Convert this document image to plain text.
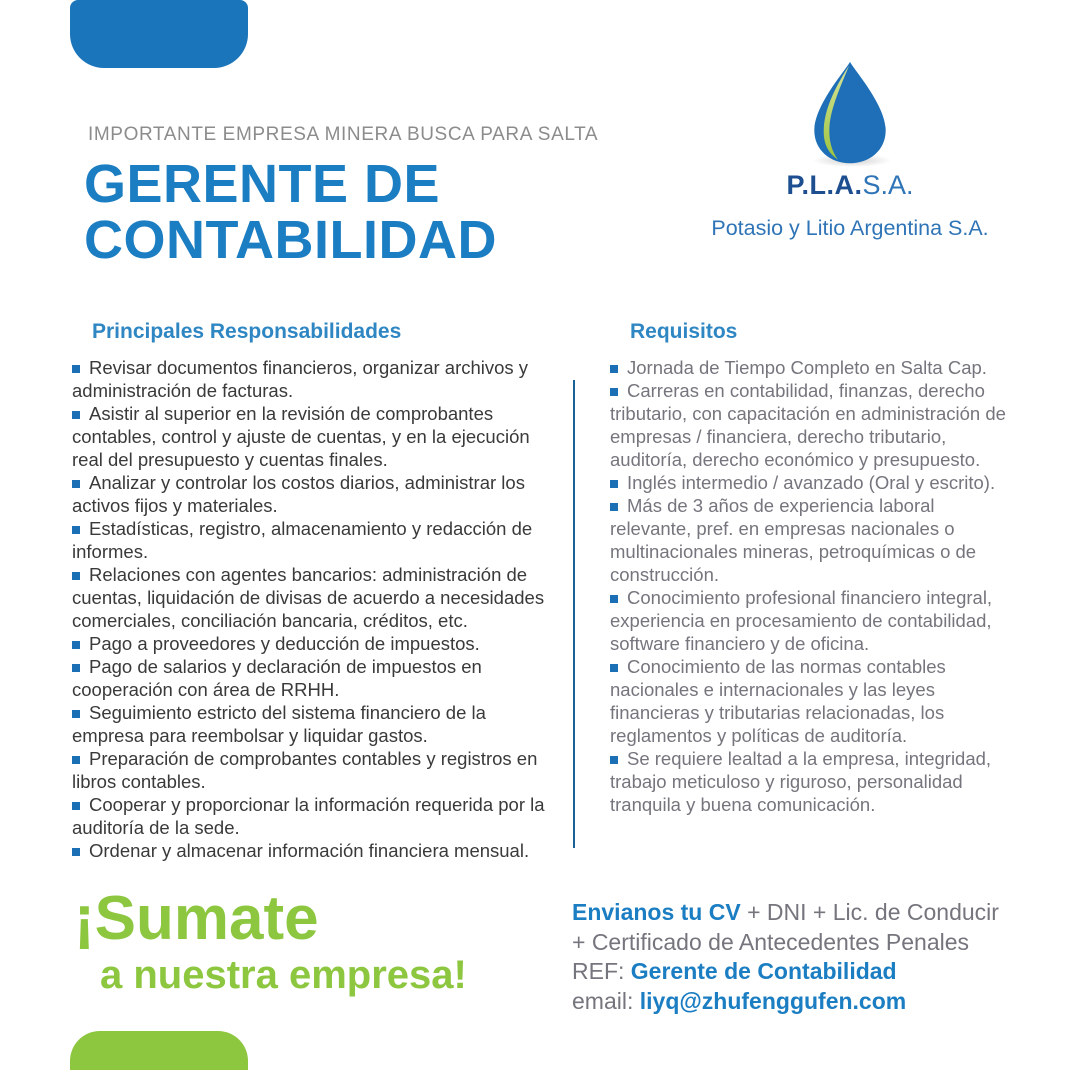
IMPORTANTE EMPRESA MINERA BUSCA PARA SALTA
GERENTE DE
CONTABILIDAD
P.L.A.S.A.
Potasio y Litio Argentina S.A.
Principales Responsabilidades

Revisar documentos financieros, organizar archivos y administración de facturas.

Asistir al superior en la revisión de comprobantes contables, control y ajuste de cuentas, y en la ejecución real del presupuesto y cuentas finales.

Analizar y controlar los costos diarios, administrar los activos fijos y materiales.

Estadísticas, registro, almacenamiento y redacción de informes.

Relaciones con agentes bancarios: administración de cuentas, liquidación de divisas de acuerdo a necesidades comerciales, conciliación bancaria, créditos, etc.

Pago a proveedores y deducción de impuestos.

Pago de salarios y declaración de impuestos en cooperación con área de RRHH.

Seguimiento estricto del sistema financiero de la empresa para reembolsar y liquidar gastos.

Preparación de comprobantes contables y registros en libros contables.

Cooperar y proporcionar la información requerida por la auditoría de la sede.

Ordenar y almacenar información financiera mensual.

Requisitos

Jornada de Tiempo Completo en Salta Cap.

Carreras en contabilidad, finanzas, derecho tributario, con capacitación en administración de empresas / financiera, derecho tributario, auditoría, derecho económico y presupuesto.

Inglés intermedio / avanzado (Oral y escrito).

Más de 3 años de experiencia laboral relevante, pref. en empresas nacionales o multinacionales mineras, petroquímicas o de construcción.

Conocimiento profesional financiero integral, experiencia en procesamiento de contabilidad, software financiero y de oficina.

Conocimiento de las normas contables nacionales e internacionales y las leyes financieras y tributarias relacionadas, los reglamentos y políticas de auditoría.

Se requiere lealtad a la empresa, integridad, trabajo meticuloso y riguroso, personalidad tranquila y buena comunicación.

¡Sumate
a nuestra empresa!
Envianos tu CV + DNI + Lic. de Conducir
+ Certificado de Antecedentes Penales
REF: Gerente de Contabilidad
email: liyq@zhufenggufen.com
